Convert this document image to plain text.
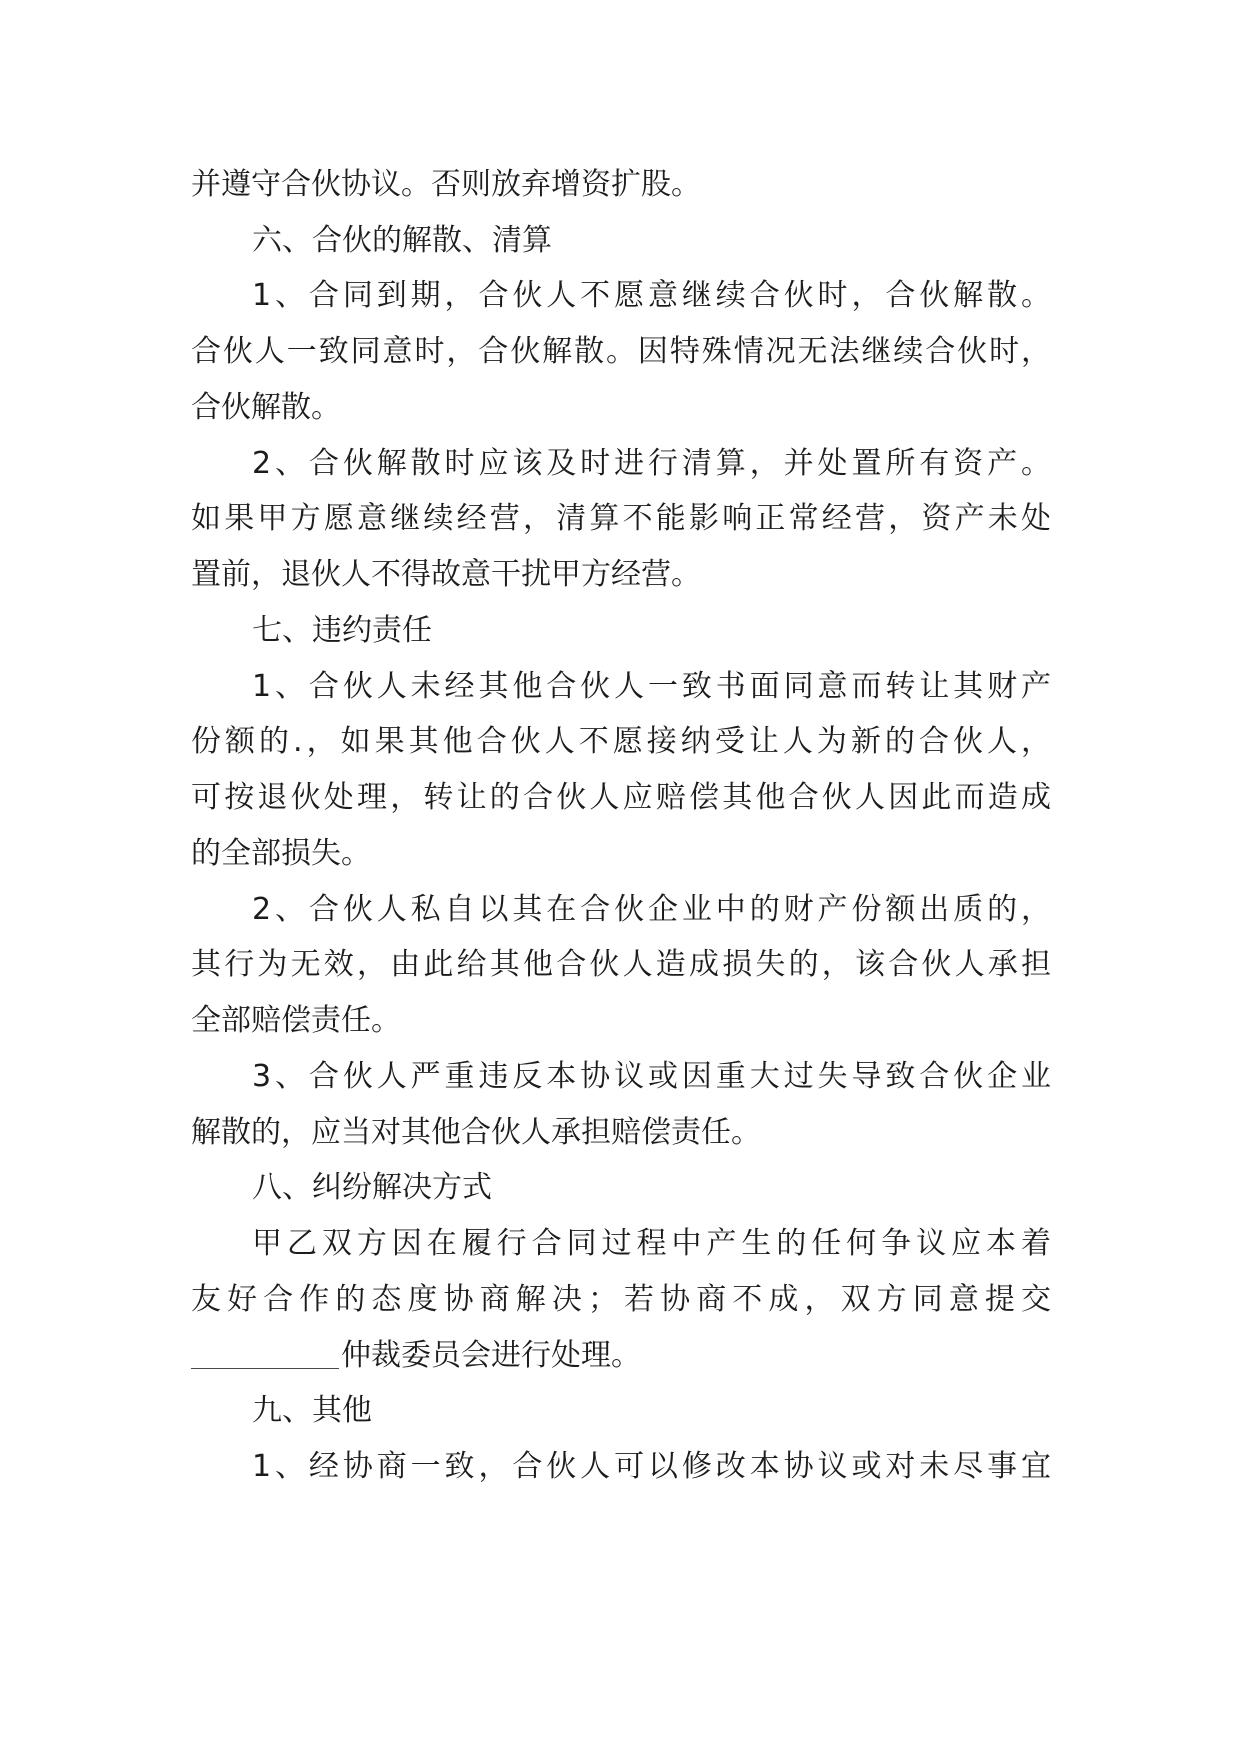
并遵守合伙协议。否则放弃增资扩股。
六、合伙的解散、清算
1、合同到期，合伙人不愿意继续合伙时，合伙解散。
合伙人一致同意时，合伙解散。因特殊情况无法继续合伙时，
合伙解散。
2、合伙解散时应该及时进行清算，并处置所有资产。
如果甲方愿意继续经营，清算不能影响正常经营，资产未处
置前，退伙人不得故意干扰甲方经营。
七、违约责任
1、合伙人未经其他合伙人一致书面同意而转让其财产
份额的.，如果其他合伙人不愿接纳受让人为新的合伙人，
可按退伙处理，转让的合伙人应赔偿其他合伙人因此而造成
的全部损失。
2、合伙人私自以其在合伙企业中的财产份额出质的，
其行为无效，由此给其他合伙人造成损失的，该合伙人承担
全部赔偿责任。
3、合伙人严重违反本协议或因重大过失导致合伙企业
解散的，应当对其他合伙人承担赔偿责任。
八、纠纷解决方式
甲乙双方因在履行合同过程中产生的任何争议应本着
友好合作的态度协商解决；若协商不成，双方同意提交
仲裁委员会进行处理。
九、其他
1、经协商一致，合伙人可以修改本协议或对未尽事宜
